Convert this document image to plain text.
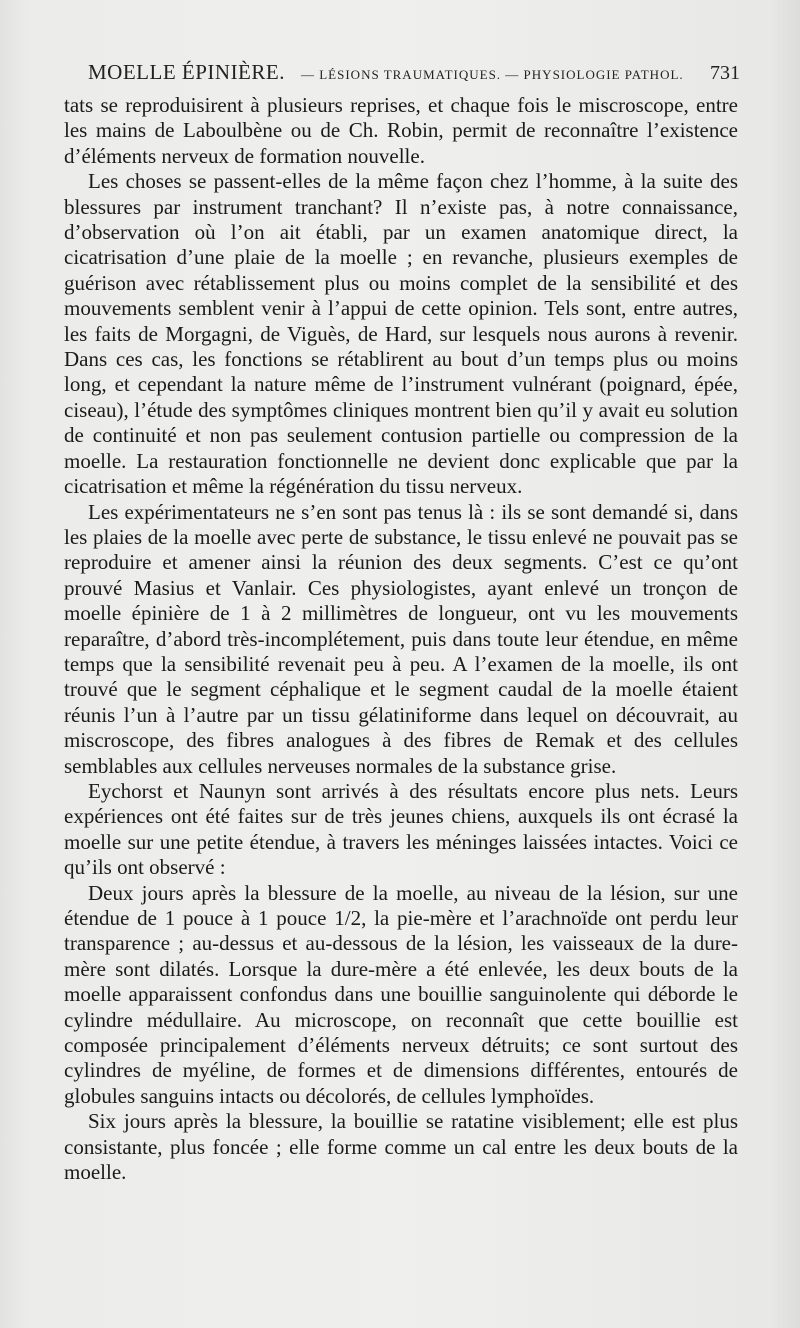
MOELLE ÉPINIÈRE. — LÉSIONS TRAUMATIQUES. — PHYSIOLOGIE PATHOL. 731

tats se reproduisirent à plusieurs reprises, et chaque fois le miscroscope, entre les mains de Laboulbène ou de Ch. Robin, permit de reconnaître l’existence d’éléments nerveux de formation nouvelle.

Les choses se passent-elles de la même façon chez l’homme, à la suite des blessures par instrument tranchant? Il n’existe pas, à notre connaissance, d’observation où l’on ait établi, par un examen anatomique direct, la cicatrisation d’une plaie de la moelle ; en revanche, plusieurs exemples de guérison avec rétablissement plus ou moins complet de la sensibilité et des mouvements semblent venir à l’appui de cette opinion. Tels sont, entre autres, les faits de Morgagni, de Viguès, de Hard, sur lesquels nous aurons à revenir. Dans ces cas, les fonctions se rétablirent au bout d’un temps plus ou moins long, et cependant la nature même de l’instrument vulnérant (poignard, épée, ciseau), l’étude des symptômes cliniques montrent bien qu’il y avait eu solution de continuité et non pas seulement contusion partielle ou compression de la moelle. La restauration fonctionnelle ne devient donc explicable que par la cicatrisation et même la régénération du tissu nerveux.

Les expérimentateurs ne s’en sont pas tenus là : ils se sont demandé si, dans les plaies de la moelle avec perte de substance, le tissu enlevé ne pouvait pas se reproduire et amener ainsi la réunion des deux segments. C’est ce qu’ont prouvé Masius et Vanlair. Ces physiologistes, ayant enlevé un tronçon de moelle épinière de 1 à 2 millimètres de longueur, ont vu les mouvements reparaître, d’abord très-incomplétement, puis dans toute leur étendue, en même temps que la sensibilité revenait peu à peu. A l’examen de la moelle, ils ont trouvé que le segment céphalique et le segment caudal de la moelle étaient réunis l’un à l’autre par un tissu gélatiniforme dans lequel on découvrait, au miscroscope, des fibres analogues à des fibres de Remak et des cellules semblables aux cellules nerveuses normales de la substance grise.

Eychorst et Naunyn sont arrivés à des résultats encore plus nets. Leurs expériences ont été faites sur de très jeunes chiens, auxquels ils ont écrasé la moelle sur une petite étendue, à travers les méninges laissées intactes. Voici ce qu’ils ont observé :

Deux jours après la blessure de la moelle, au niveau de la lésion, sur une étendue de 1 pouce à 1 pouce 1/2, la pie-mère et l’arachnoïde ont perdu leur transparence ; au-dessus et au-dessous de la lésion, les vaisseaux de la dure-mère sont dilatés. Lorsque la dure-mère a été enlevée, les deux bouts de la moelle apparaissent confondus dans une bouillie sanguinolente qui déborde le cylindre médullaire. Au microscope, on reconnaît que cette bouillie est composée principalement d’éléments nerveux détruits; ce sont surtout des cylindres de myéline, de formes et de dimensions différentes, entourés de globules sanguins intacts ou décolorés, de cellules lymphoïdes.

Six jours après la blessure, la bouillie se ratatine visiblement; elle est plus consistante, plus foncée ; elle forme comme un cal entre les deux bouts de la moelle.
